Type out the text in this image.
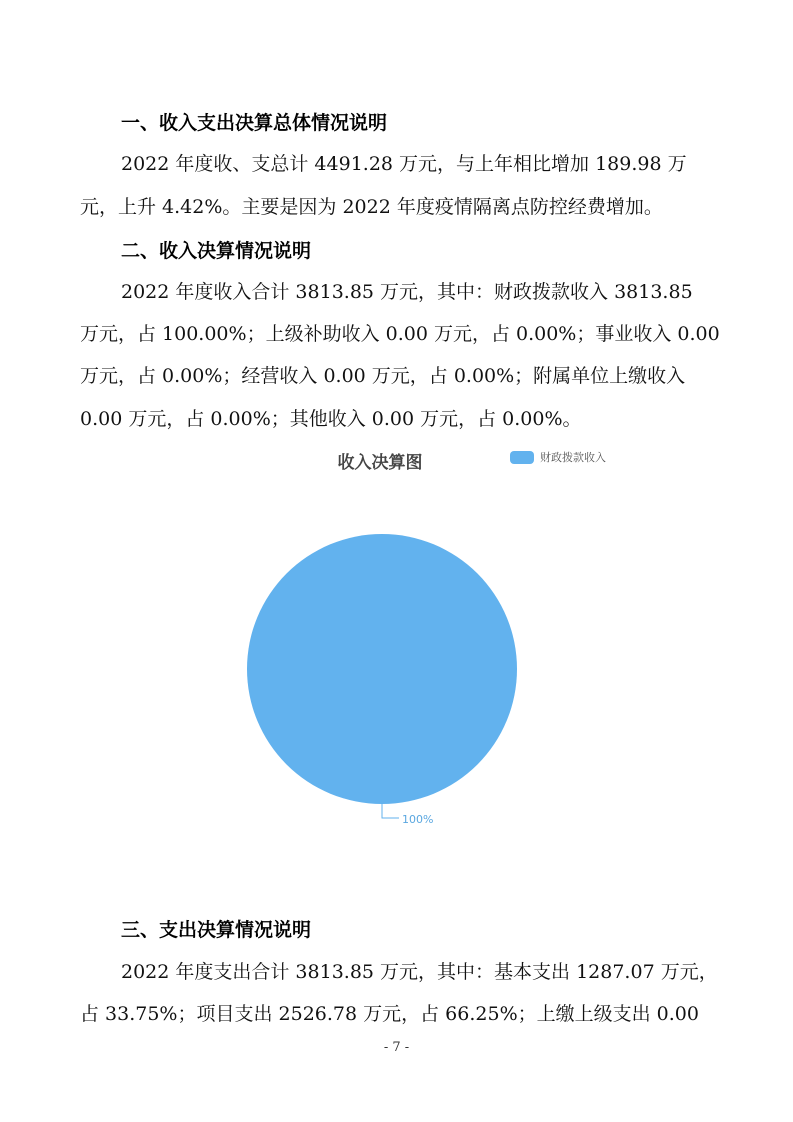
一、收入支出决算总体情况说明
2022 年度收、支总计 4491.28 万元，与上年相比增加 189.98 万
元，上升 4.42%。主要是因为 2022 年度疫情隔离点防控经费增加。
二、收入决算情况说明
2022 年度收入合计 3813.85 万元，其中：财政拨款收入 3813.85
万元，占 100.00%；上级补助收入 0.00 万元，占 0.00%；事业收入 0.00
万元，占 0.00%；经营收入 0.00 万元，占 0.00%；附属单位上缴收入
0.00 万元，占 0.00%；其他收入 0.00 万元，占 0.00%。
收入决算图	财政拨款收入
100%
三、支出决算情况说明
2022 年度支出合计 3813.85 万元，其中：基本支出 1287.07 万元，
占 33.75%；项目支出 2526.78 万元，占 66.25%；上缴上级支出 0.00
- 7 -
